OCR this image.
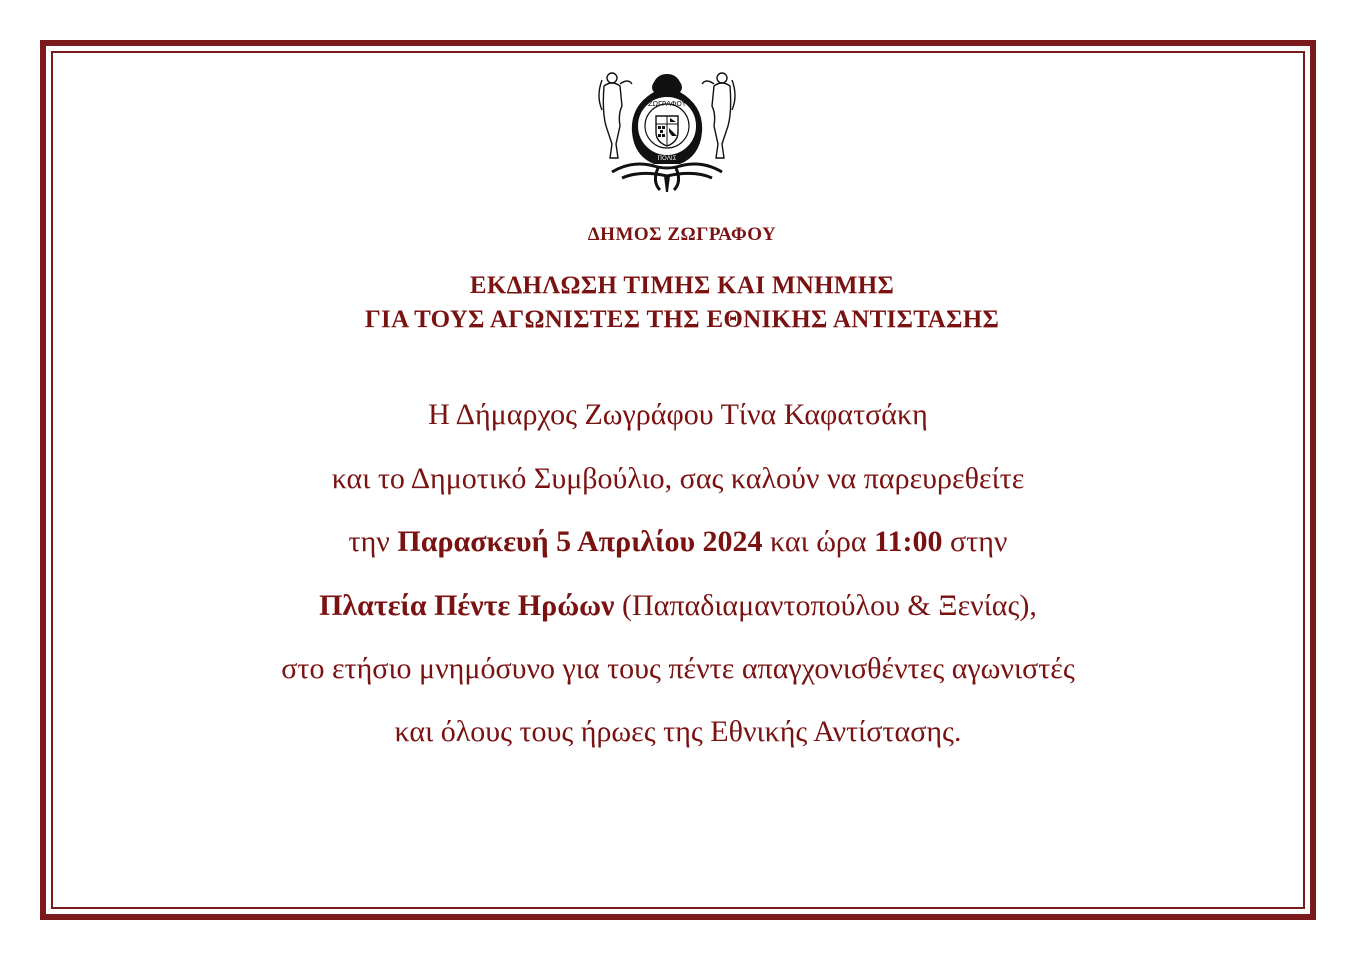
ΖΩΓΡΑΦΟΥ
ΠΟΛΙΣ
ΔΗΜΟΣ ΖΩΓΡΑΦΟΥ
ΕΚΔΗΛΩΣΗ ΤΙΜΗΣ ΚΑΙ ΜΝΗΜΗΣ
ΓΙΑ ΤΟΥΣ ΑΓΩΝΙΣΤΕΣ ΤΗΣ ΕΘΝΙΚΗΣ ΑΝΤΙΣΤΑΣΗΣ
Η Δήμαρχος Ζωγράφου Τίνα Καφατσάκη
και το Δημοτικό Συμβούλιο, σας καλούν να παρευρεθείτε
την Παρασκευή 5 Απριλίου 2024 και ώρα 11:00 στην
Πλατεία Πέντε Ηρώων (Παπαδιαμαντοπούλου & Ξενίας),
στο ετήσιο μνημόσυνο για τους πέντε απαγχονισθέντες αγωνιστές
και όλους τους ήρωες της Εθνικής Αντίστασης.
